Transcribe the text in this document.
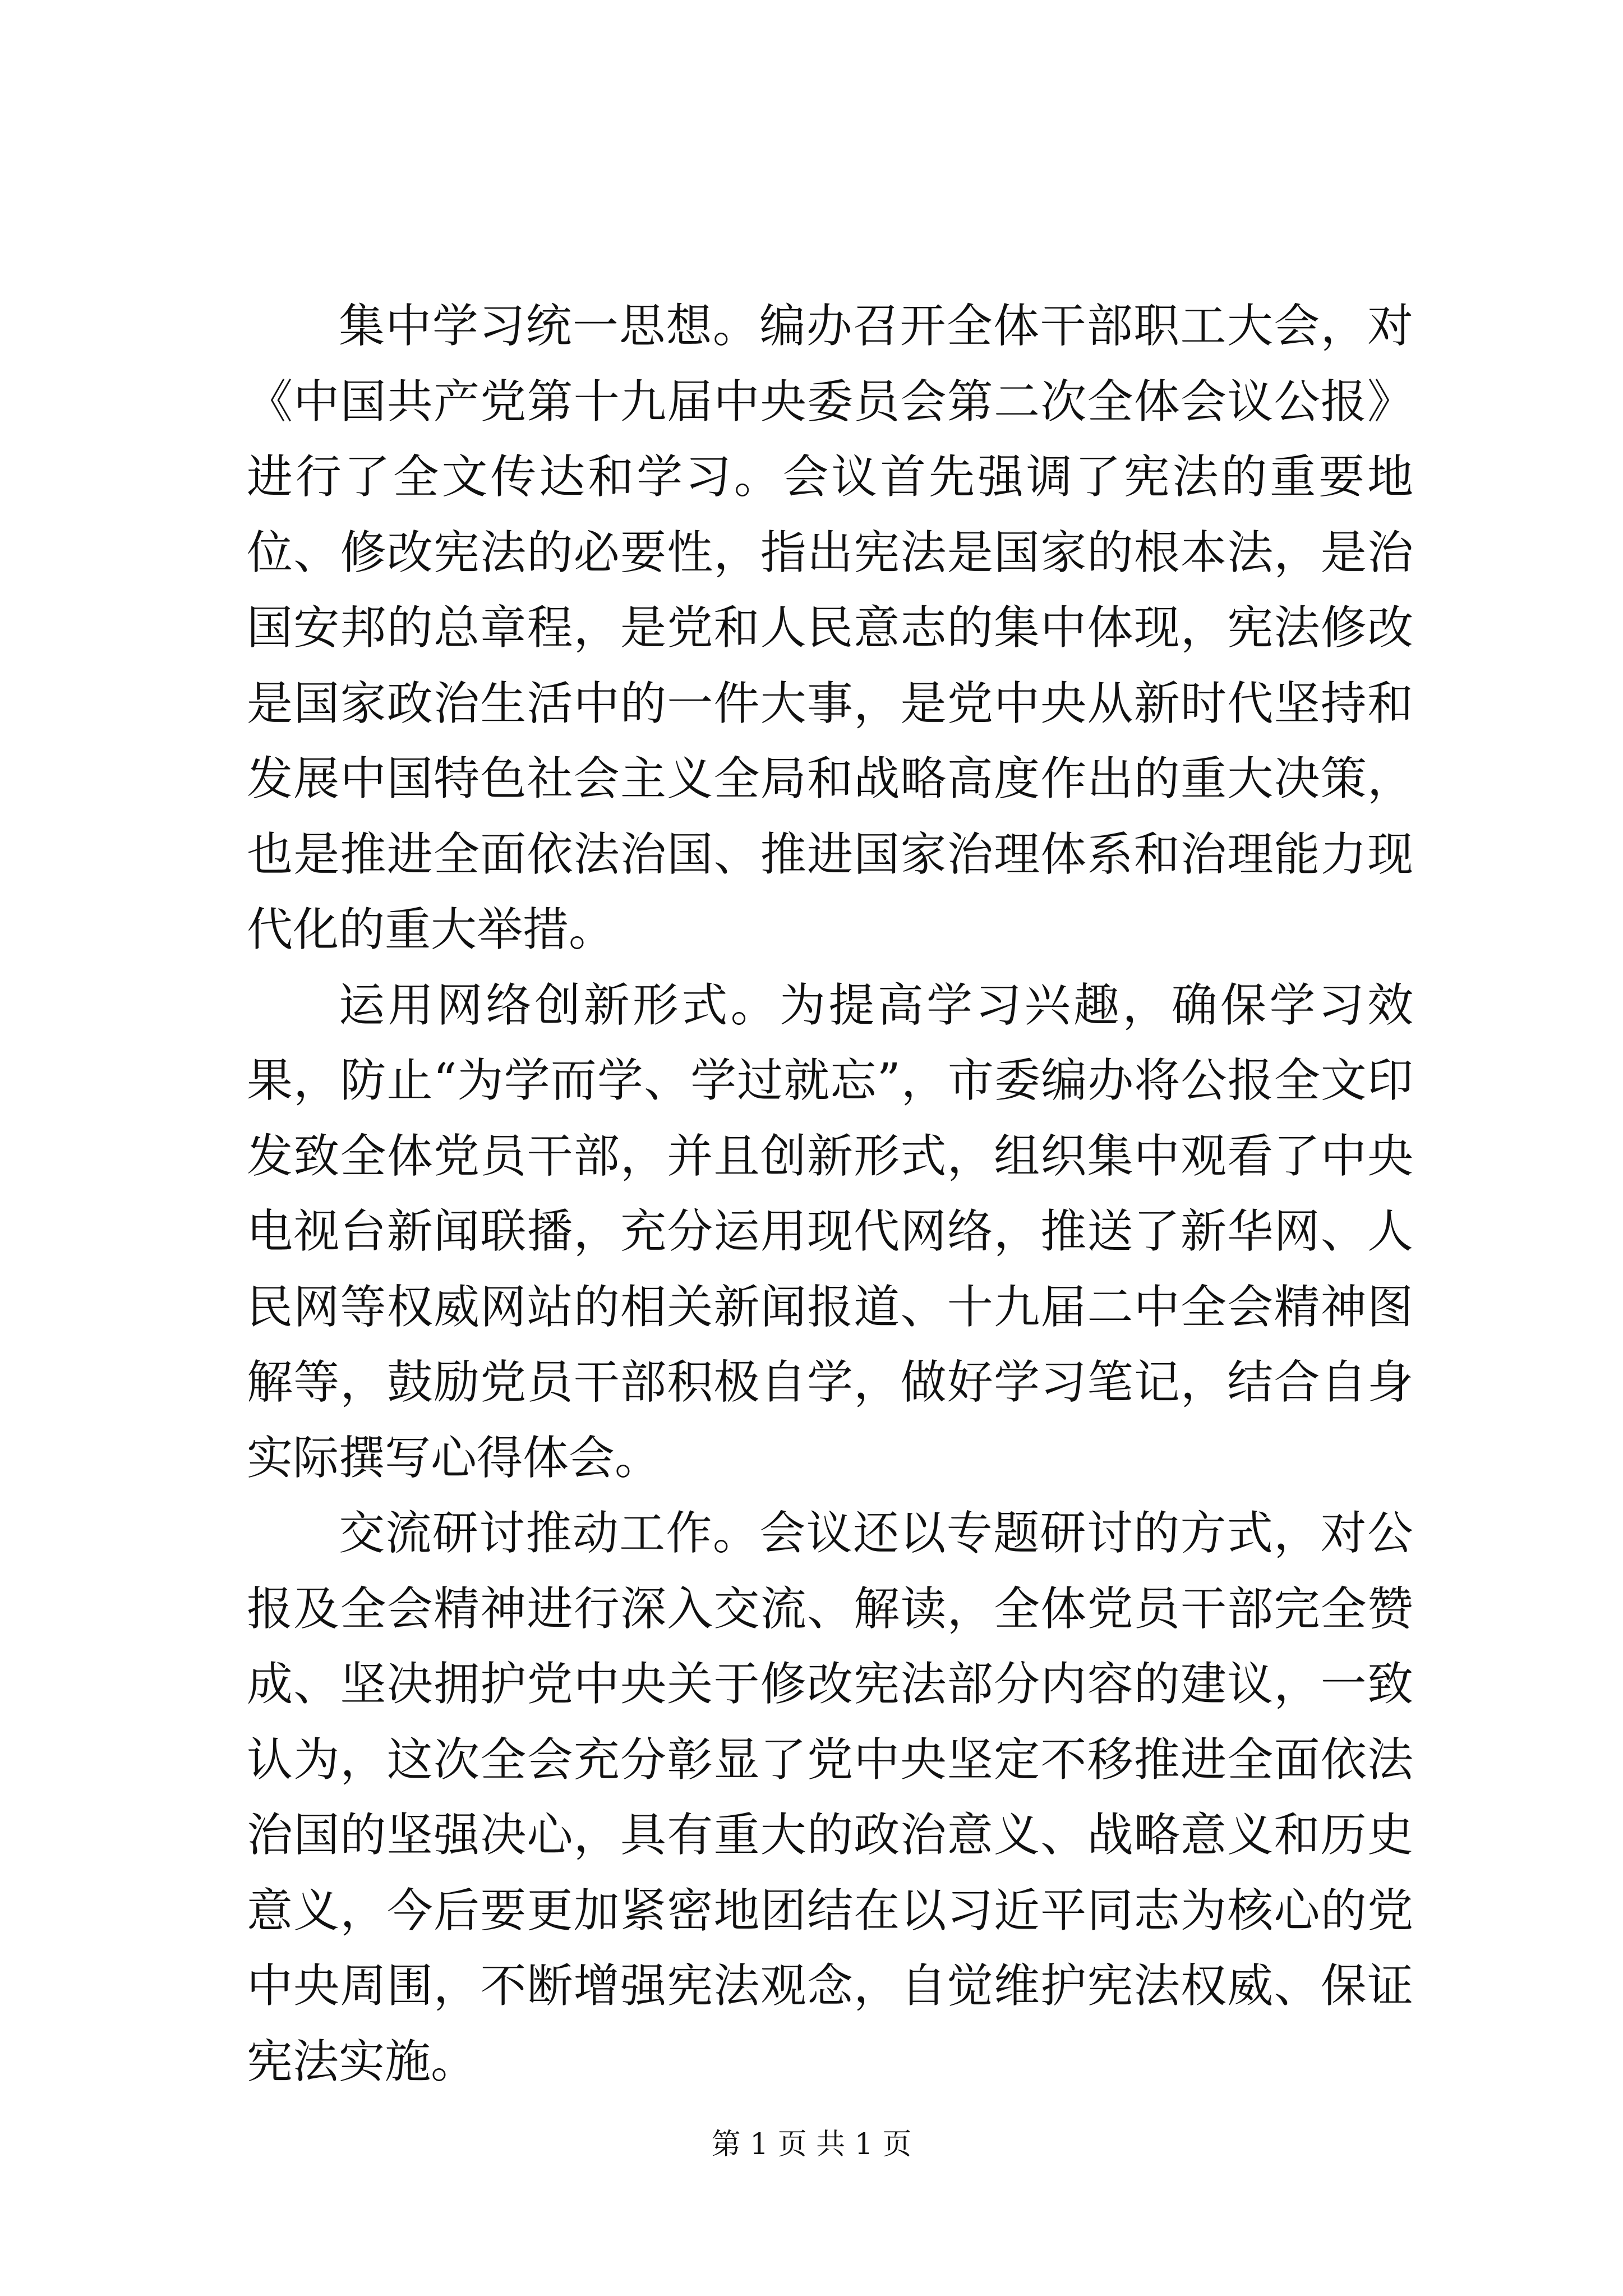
集中学习统一思想。编办召开全体干部职工大会，对《中国共产党第十九届中央委员会第二次全体会议公报》进行了全文传达和学习。会议首先强调了宪法的重要地位、修改宪法的必要性，指出宪法是国家的根本法，是治国安邦的总章程，是党和人民意志的集中体现，宪法修改是国家政治生活中的一件大事，是党中央从新时代坚持和发展中国特色社会主义全局和战略高度作出的重大决策，也是推进全面依法治国、推进国家治理体系和治理能力现代化的重大举措。

运用网络创新形式。为提高学习兴趣，确保学习效果，防止“为学而学、学过就忘”，市委编办将公报全文印发致全体党员干部，并且创新形式，组织集中观看了中央电视台新闻联播，充分运用现代网络，推送了新华网、人民网等权威网站的相关新闻报道、十九届二中全会精神图解等，鼓励党员干部积极自学，做好学习笔记，结合自身实际撰写心得体会。

交流研讨推动工作。会议还以专题研讨的方式，对公报及全会精神进行深入交流、解读，全体党员干部完全赞成、坚决拥护党中央关于修改宪法部分内容的建议，一致认为，这次全会充分彰显了党中央坚定不移推进全面依法治国的坚强决心，具有重大的政治意义、战略意义和历史意义，今后要更加紧密地团结在以习近平同志为核心的党中央周围，不断增强宪法观念，自觉维护宪法权威、保证宪法实施。

第 1 页 共 1 页
